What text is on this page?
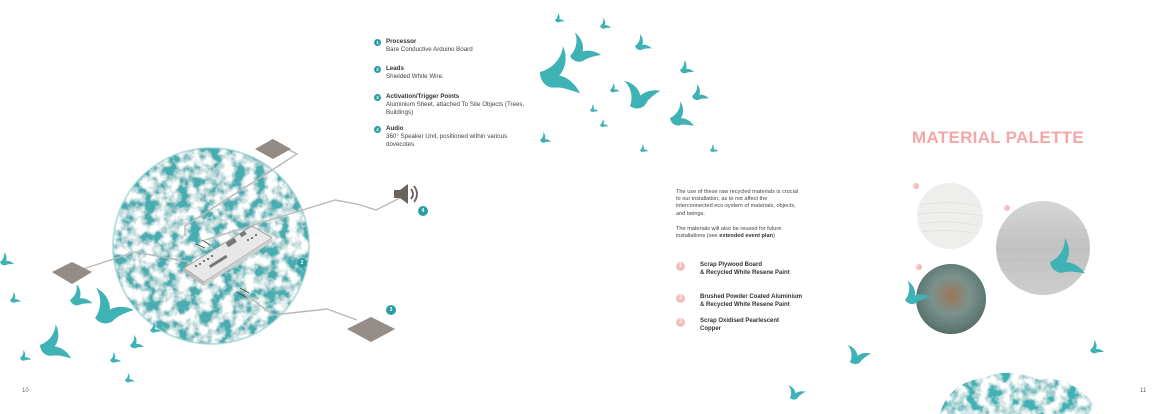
1	Processor
Bare Conductive Arduino Board
2	Leads
Shielded White Wire.
3	Activation/Trigger Points
Aluminium Sheet, attached To Site Objects (Trees, Buildings)
4	Audio
360° Speaker Unit, positioned within various dovecotes
2
3
4
MATERIAL PALETTE
The use of these raw recycled materials is crucial to our installation, as to not affect the interconnected eco-system of materials, objects, and beings.
The materials will also be reused for future installations (see extended event plan)
1	Scrap Plywood Board
& Recycled White Resene Paint
2	Brushed Powder Coated Aluminium
& Recycled White Resene Paint
3	Scrap Oxidised Pearlescent
Copper
1
2
3
10	11
